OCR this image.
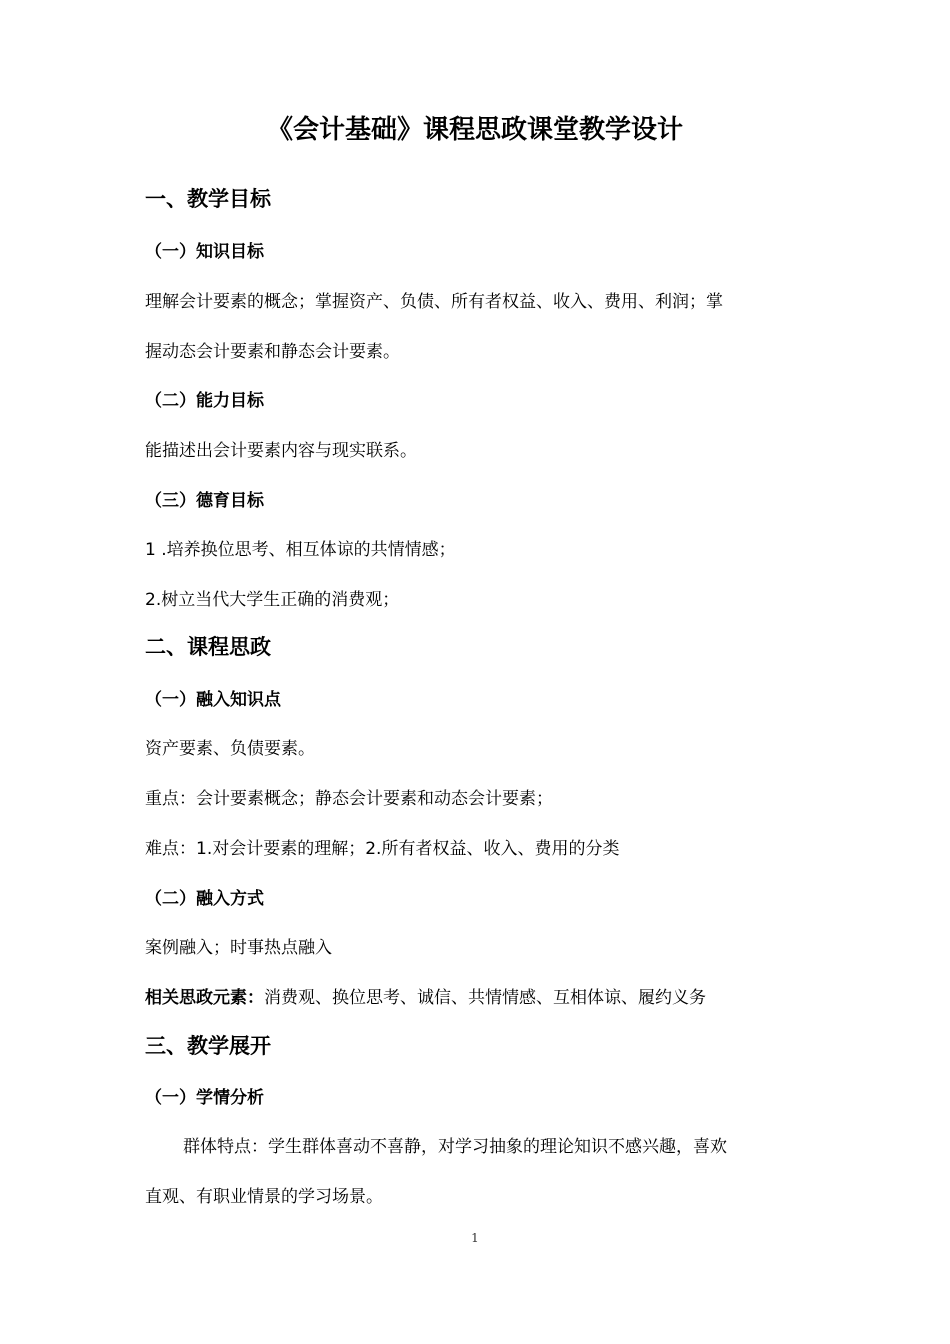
《会计基础》课程思政课堂教学设计
一、教学目标
（一）知识目标
理解会计要素的概念；掌握资产、负债、所有者权益、收入、费用、利润；掌
握动态会计要素和静态会计要素。
（二）能力目标
能描述出会计要素内容与现实联系。
（三）德育目标
1 .培养换位思考、相互体谅的共情情感；
2.树立当代大学生正确的消费观；
二、课程思政
（一）融入知识点
资产要素、负债要素。
重点：会计要素概念；静态会计要素和动态会计要素；
难点：1.对会计要素的理解；2.所有者权益、收入、费用的分类
（二）融入方式
案例融入；时事热点融入
相关思政元素：消费观、换位思考、诚信、共情情感、互相体谅、履约义务
三、教学展开
（一）学情分析
群体特点：学生群体喜动不喜静，对学习抽象的理论知识不感兴趣，喜欢
直观、有职业情景的学习场景。
1
